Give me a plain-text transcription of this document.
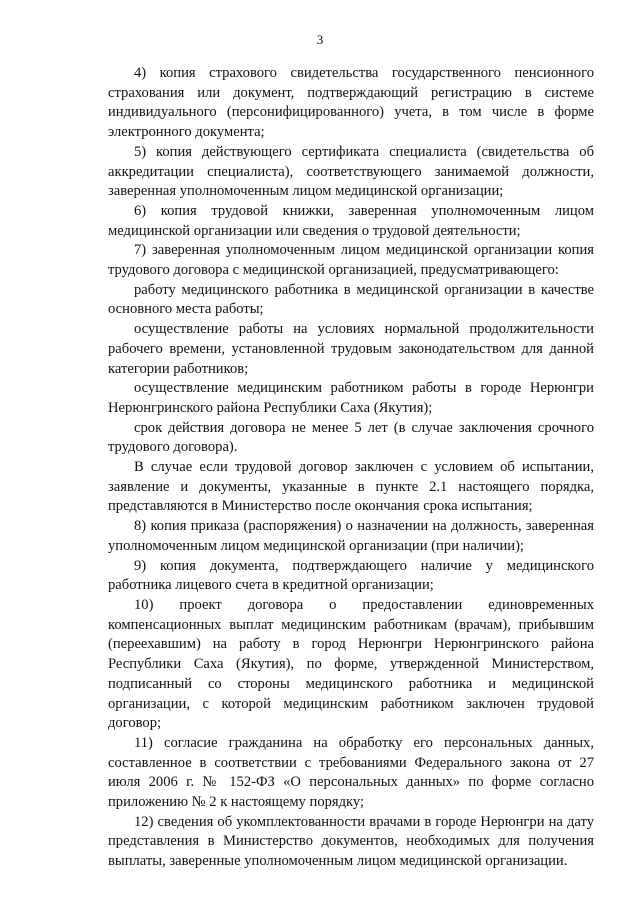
3

4) копия страхового свидетельства государственного пенсионного страхования или документ, подтверждающий регистрацию в системе индивидуального (персонифицированного) учета, в том числе в форме электронного документа;

5) копия действующего сертификата специалиста (свидетельства об аккредитации специалиста), соответствующего занимаемой должности, заверенная уполномоченным лицом медицинской организации;

6) копия трудовой книжки, заверенная уполномоченным лицом медицинской организации или сведения о трудовой деятельности;

7) заверенная уполномоченным лицом медицинской организации копия трудового договора с медицинской организацией, предусматривающего:

работу медицинского работника в медицинской организации в качестве основного места работы;

осуществление работы на условиях нормальной продолжительности рабочего времени, установленной трудовым законодательством для данной категории работников;

осуществление медицинским работником работы в городе Нерюнгри Нерюнгринского района Республики Саха (Якутия);

срок действия договора не менее 5 лет (в случае заключения срочного трудового договора).

В случае если трудовой договор заключен с условием об испытании, заявление и документы, указанные в пункте 2.1 настоящего порядка, представляются в Министерство после окончания срока испытания;

8) копия приказа (распоряжения) о назначении на должность, заверенная уполномоченным лицом медицинской организации (при наличии);

9) копия документа, подтверждающего наличие у медицинского работника лицевого счета в кредитной организации;

10) проект договора о предоставлении единовременных компенсационных выплат медицинским работникам (врачам), прибывшим (переехавшим) на работу в город Нерюнгри Нерюнгринского района Республики Саха (Якутия), по форме, утвержденной Министерством, подписанный со стороны медицинского работника и медицинской организации, с которой медицинским работником заключен трудовой договор;

11) согласие гражданина на обработку его персональных данных, составленное в соответствии с требованиями Федерального закона от 27 июля 2006 г. № 152-ФЗ «О персональных данных» по форме согласно приложению № 2 к настоящему порядку;

12) сведения об укомплектованности врачами в городе Нерюнгри на дату представления в Министерство документов, необходимых для получения выплаты, заверенные уполномоченным лицом медицинской организации.
